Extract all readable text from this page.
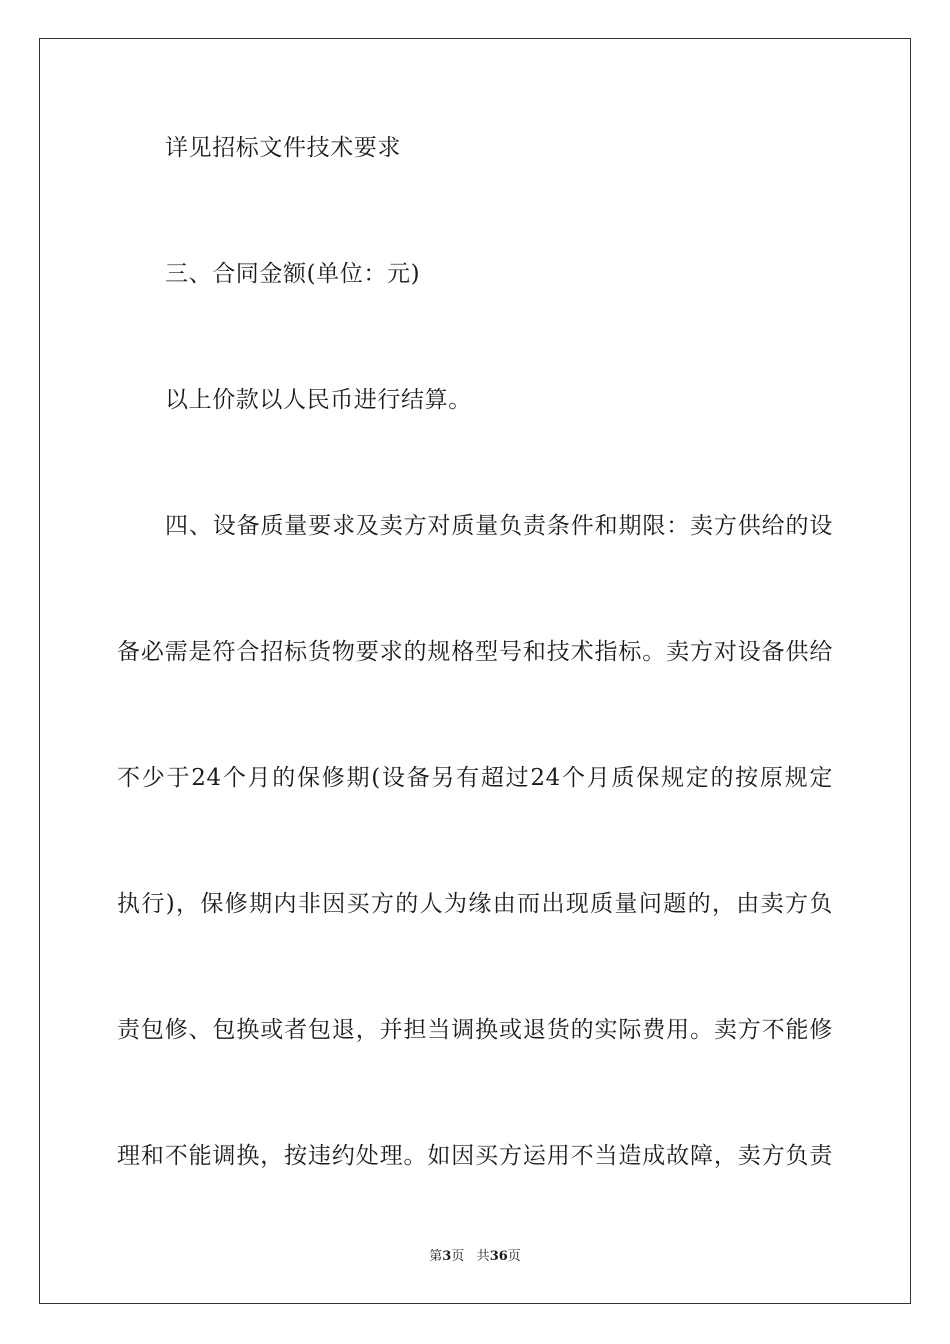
详见招标文件技术要求
三、合同金额(单位：元)
以上价款以人民币进行结算。
四、设备质量要求及卖方对质量负责条件和期限：卖方供给的设
备必需是符合招标货物要求的规格型号和技术指标。卖方对设备供给
不少于24个月的保修期(设备另有超过24个月质保规定的按原规定
执行)，保修期内非因买方的人为缘由而出现质量问题的，由卖方负
责包修、包换或者包退，并担当调换或退货的实际费用。卖方不能修
理和不能调换，按违约处理。如因买方运用不当造成故障，卖方负责
第3页 共36页
